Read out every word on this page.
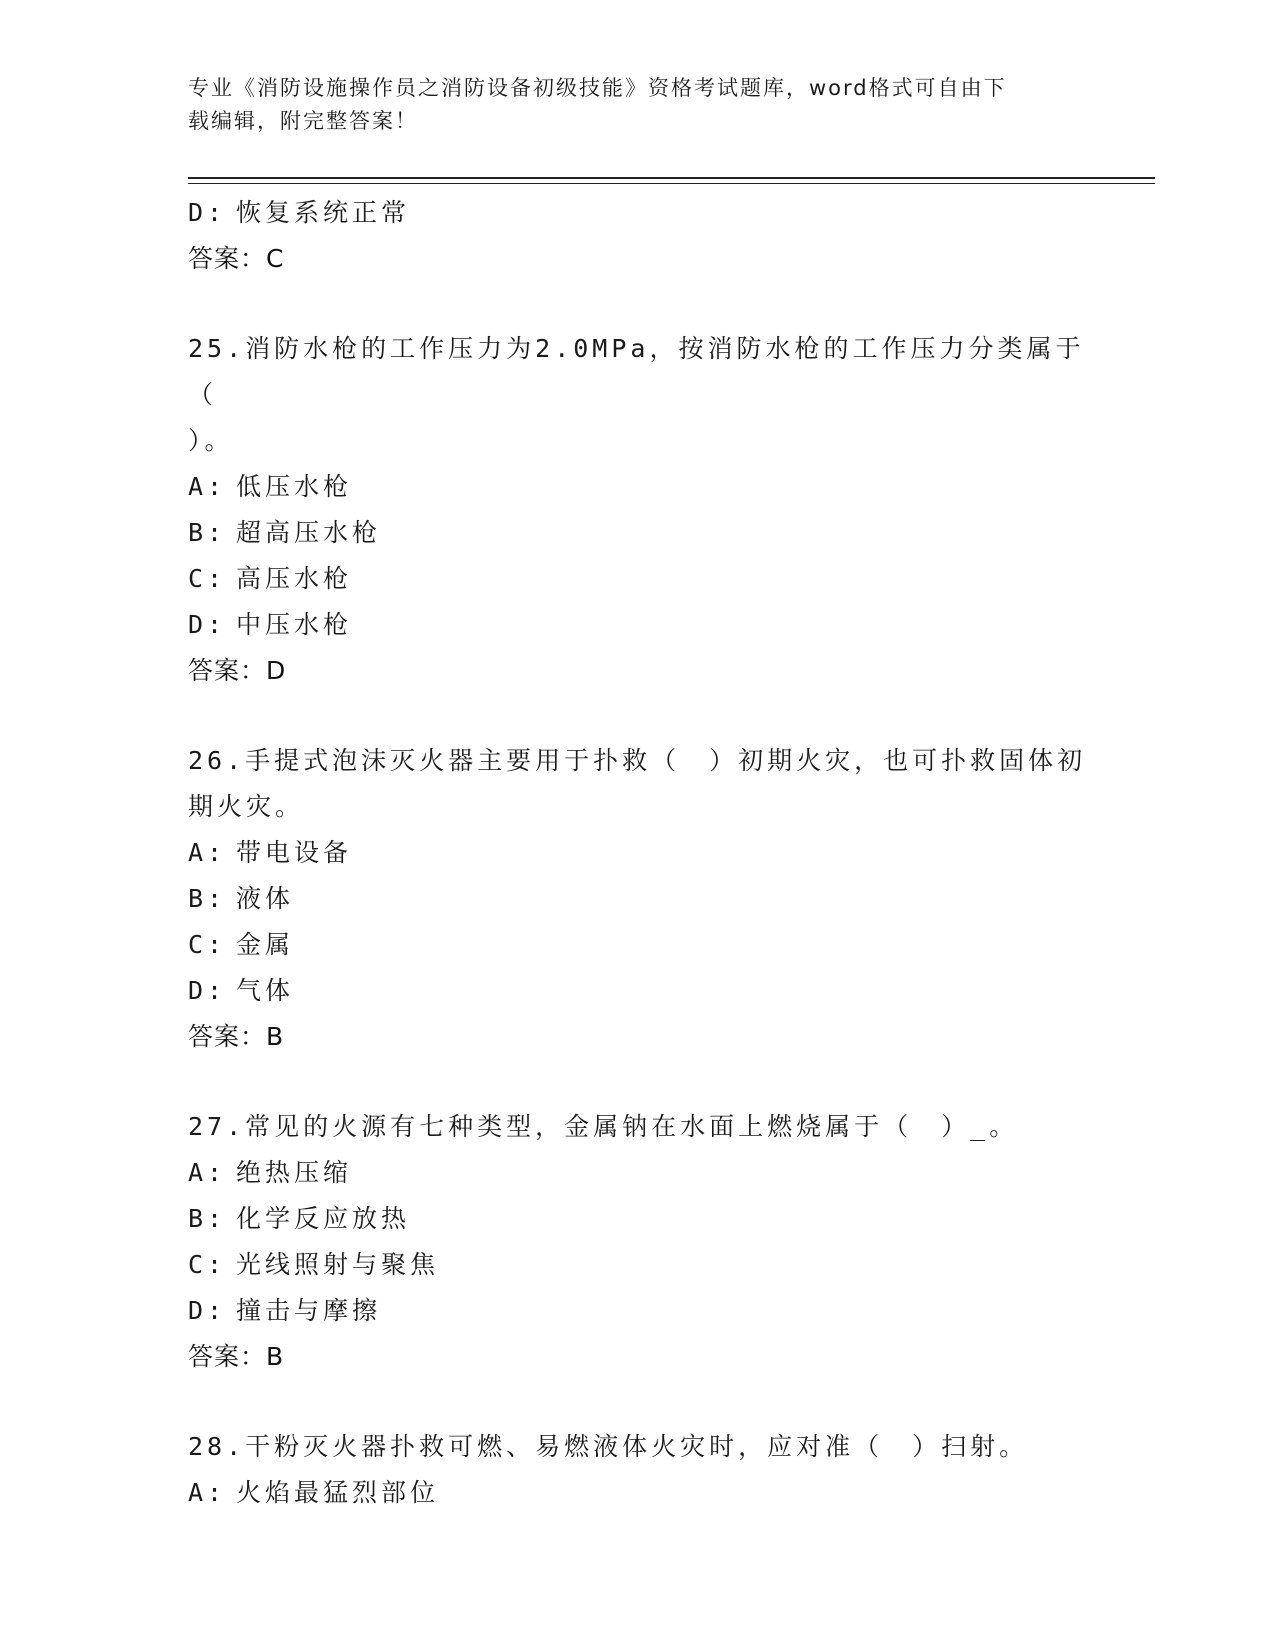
专业《消防设施操作员之消防设备初级技能》资格考试题库，word格式可自由下
载编辑，附完整答案！
D: 恢复系统正常
答案：C
25.消防水枪的工作压力为2.0MPa，按消防水枪的工作压力分类属于（
）。
A: 低压水枪
B: 超高压水枪
C: 高压水枪
D: 中压水枪
答案：D
26.手提式泡沫灭火器主要用于扑救（　）初期火灾，也可扑救固体初
期火灾。
A: 带电设备
B: 液体
C: 金属
D: 气体
答案：B
27.常见的火源有七种类型，金属钠在水面上燃烧属于（　）_。
A: 绝热压缩
B: 化学反应放热
C: 光线照射与聚焦
D: 撞击与摩擦
答案：B
28.干粉灭火器扑救可燃、易燃液体火灾时，应对准（　）扫射。
A: 火焰最猛烈部位
